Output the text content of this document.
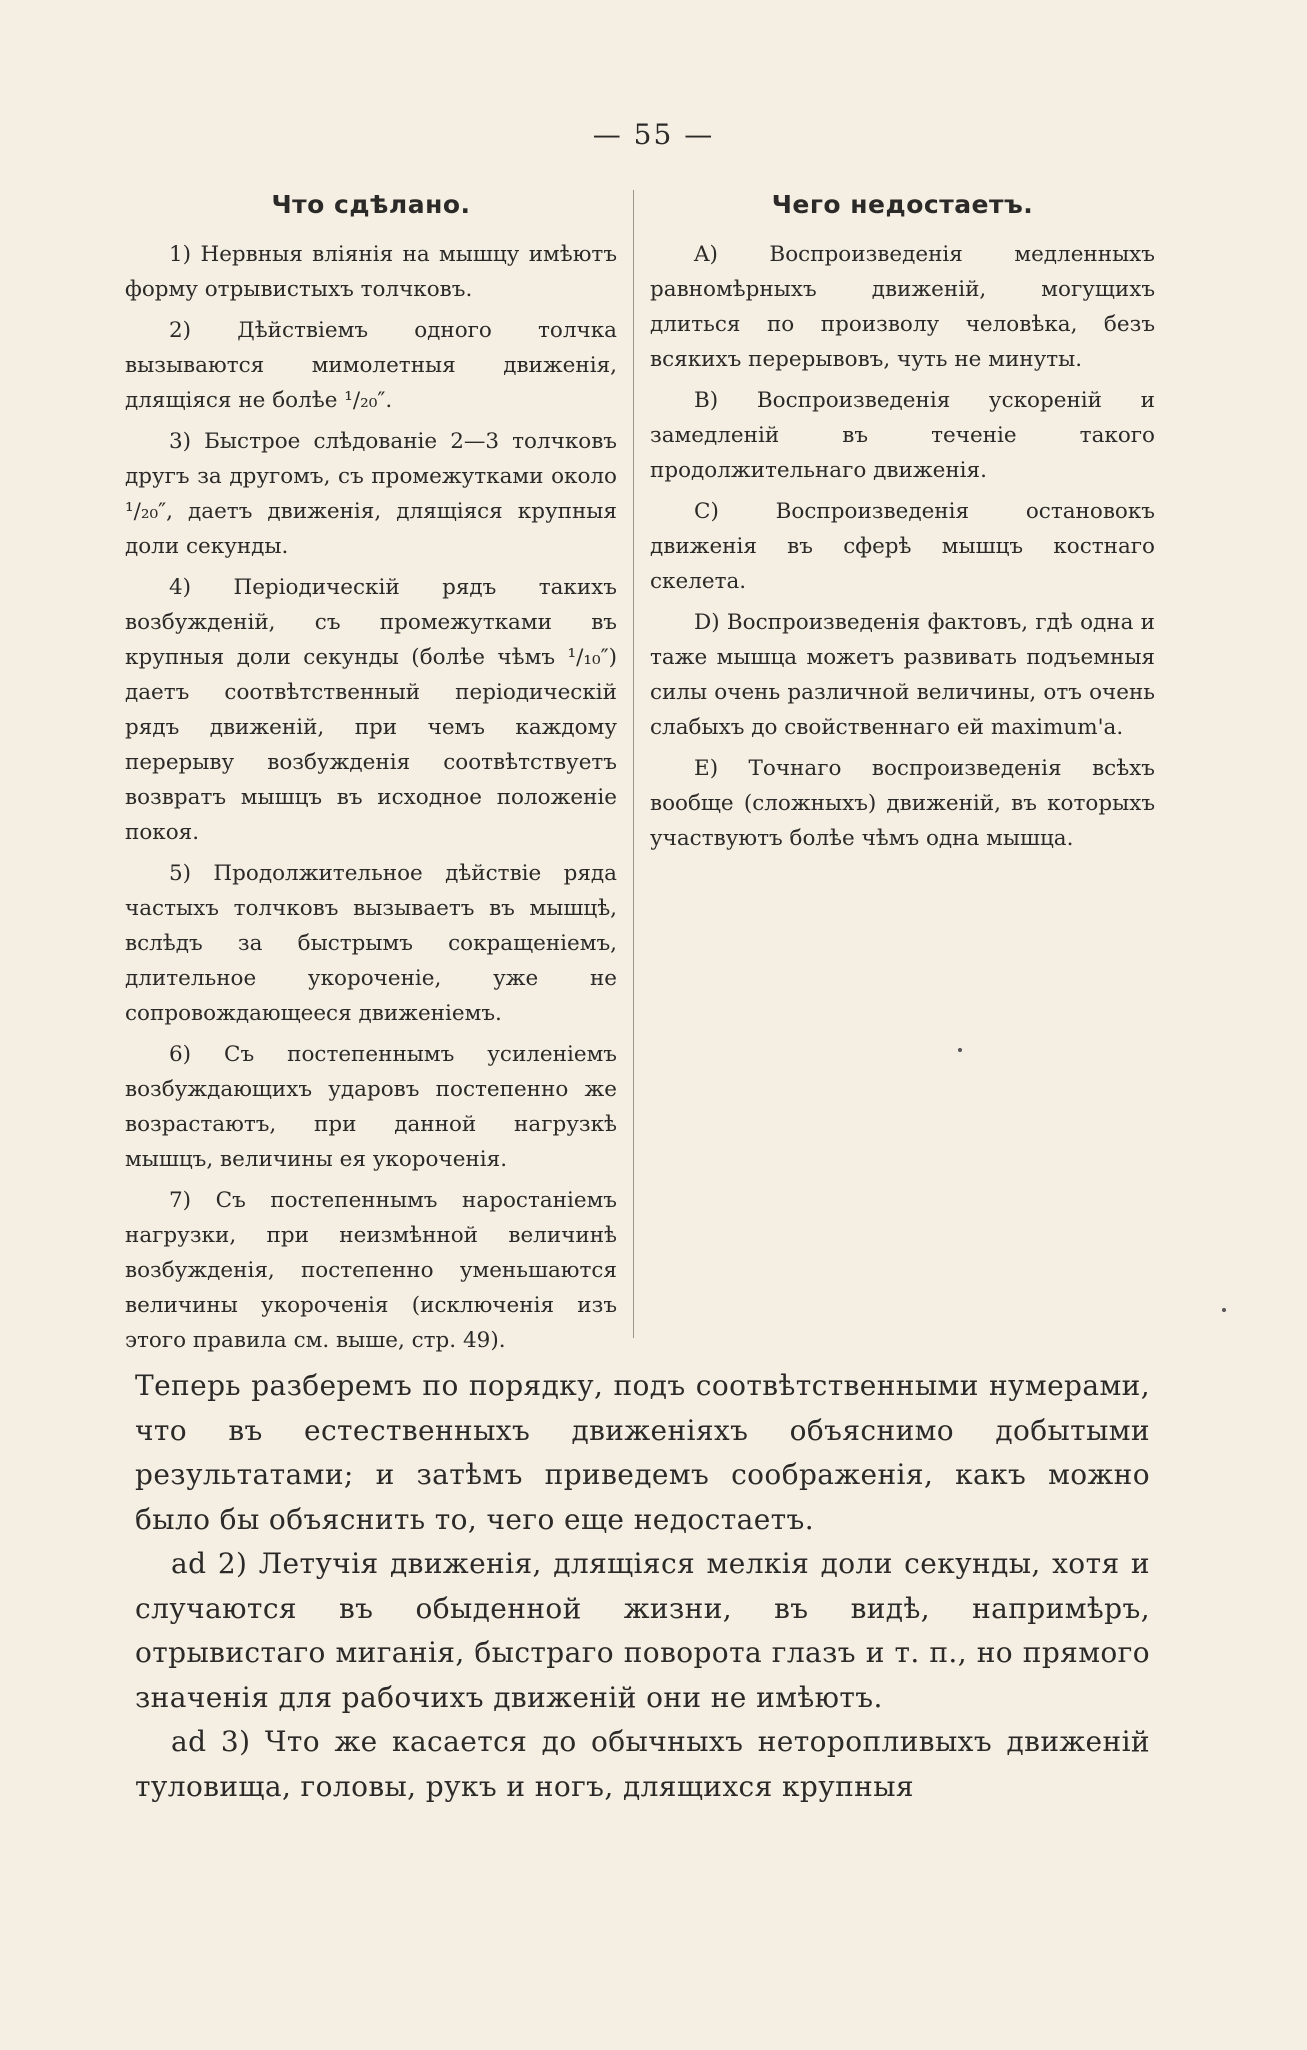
— 55 —
Что сдѣлано.

1) Нервныя вліянія на мышцу имѣютъ форму отрывистыхъ толчковъ.

2) Дѣйствіемъ одного толчка вызываются мимолетныя движенія, длящіяся не болѣе ¹/₂₀″.

3) Быстрое слѣдованіе 2—3 толчковъ другъ за другомъ, съ промежутками около ¹/₂₀″, даетъ движенія, длящіяся крупныя доли секунды.

4) Періодическій рядъ такихъ возбужденій, съ промежутками въ крупныя доли секунды (болѣе чѣмъ ¹/₁₀″) даетъ соотвѣтственный періодическій рядъ движеній, при чемъ каждому перерыву возбужденія соотвѣтствуетъ возвратъ мышцъ въ исходное положеніе покоя.

5) Продолжительное дѣйствіе ряда частыхъ толчковъ вызываетъ въ мышцѣ, вслѣдъ за быстрымъ сокращеніемъ, длительное укороченіе, уже не сопровождающееся движеніемъ.

6) Съ постепеннымъ усиленіемъ возбуждающихъ ударовъ постепенно же возрастаютъ, при данной нагрузкѣ мышцъ, величины ея укороченія.

7) Съ постепеннымъ наростаніемъ нагрузки, при неизмѣнной величинѣ возбужденія, постепенно уменьшаются величины укороченія (исключенія изъ этого правила см. выше, стр. 49).

Чего недостаетъ.

A) Воспроизведенія медленныхъ равномѣрныхъ движеній, могущихъ длиться по произволу человѣка, безъ всякихъ перерывовъ, чуть не минуты.

B) Воспроизведенія ускореній и замедленій въ теченіе такого продолжительнаго движенія.

C) Воспроизведенія остановокъ движенія въ сферѣ мышцъ костнаго скелета.

D) Воспроизведенія фактовъ, гдѣ одна и таже мышца можетъ развивать подъемныя силы очень различной величины, отъ очень слабыхъ до свойственнаго ей maximum'а.

E) Точнаго воспроизведенія всѣхъ вообще (сложныхъ) движеній, въ которыхъ участвуютъ болѣе чѣмъ одна мышца.

Теперь разберемъ по порядку, подъ соотвѣтственными нумерами, что въ естественныхъ движеніяхъ объяснимо добытыми результатами; и затѣмъ приведемъ соображенія, какъ можно было бы объяснить то, чего еще недостаетъ.

ad 2) Летучія движенія, длящіяся мелкія доли секунды, хотя и случаются въ обыденной жизни, въ видѣ, напримѣръ, отрывистаго миганія, быстраго поворота глазъ и т. п., но прямого значенія для рабочихъ движеній они не имѣютъ.

ad 3) Что же касается до обычныхъ неторопливыхъ движеній туловища, головы, рукъ и ногъ, длящихся крупныя
